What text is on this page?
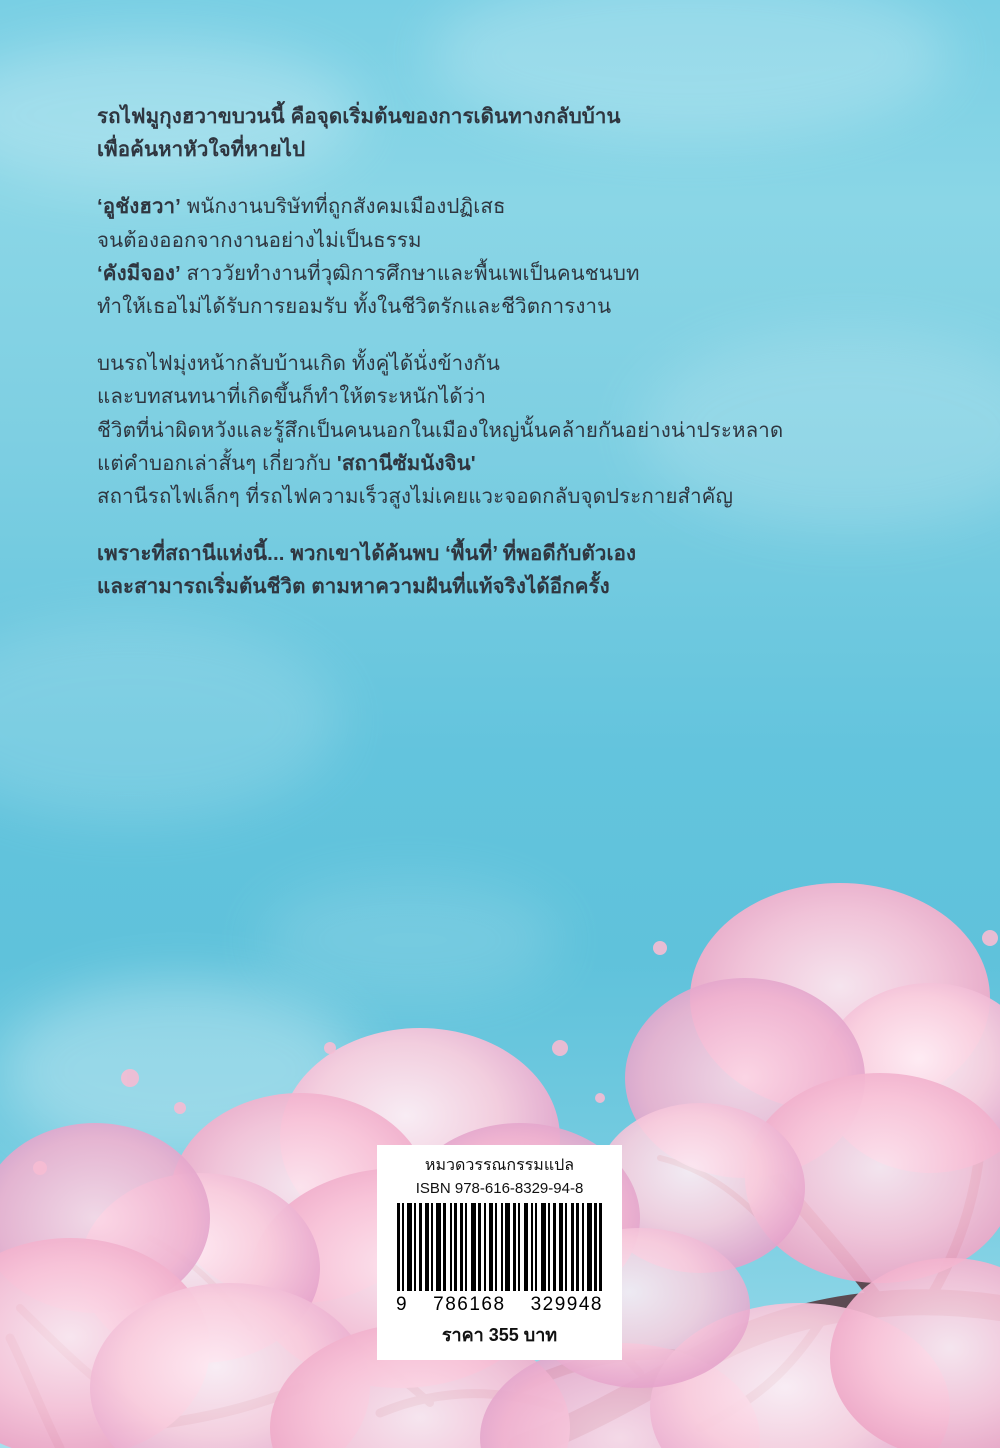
รถไฟมูกุงฮวาขบวนนี้ คือจุดเริ่มต้นของการเดินทางกลับบ้าน
เพื่อค้นหาหัวใจที่หายไป

‘อูชังฮวา’ พนักงานบริษัทที่ถูกสังคมเมืองปฏิเสธ
จนต้องออกจากงานอย่างไม่เป็นธรรม
‘คังมีจอง’ สาววัยทำงานที่วุฒิการศึกษาและพื้นเพเป็นคนชนบท
ทำให้เธอไม่ได้รับการยอมรับ ทั้งในชีวิตรักและชีวิตการงาน

บนรถไฟมุ่งหน้ากลับบ้านเกิด ทั้งคู่ได้นั่งข้างกัน
และบทสนทนาที่เกิดขึ้นก็ทำให้ตระหนักได้ว่า
ชีวิตที่น่าผิดหวังและรู้สึกเป็นคนนอกในเมืองใหญ่นั้นคล้ายกันอย่างน่าประหลาด
แต่คำบอกเล่าสั้นๆ เกี่ยวกับ 'สถานีซัมนังจิน'
สถานีรถไฟเล็กๆ ที่รถไฟความเร็วสูงไม่เคยแวะจอดกลับจุดประกายสำคัญ

เพราะที่สถานีแห่งนี้... พวกเขาได้ค้นพบ ‘พื้นที่’ ที่พอดีกับตัวเอง
และสามารถเริ่มต้นชีวิต ตามหาความฝันที่แท้จริงได้อีกครั้ง

หมวดวรรณกรรมแปล
ISBN 978-616-8329-94-8
9 786168 329948
ราคา 355 บาท
